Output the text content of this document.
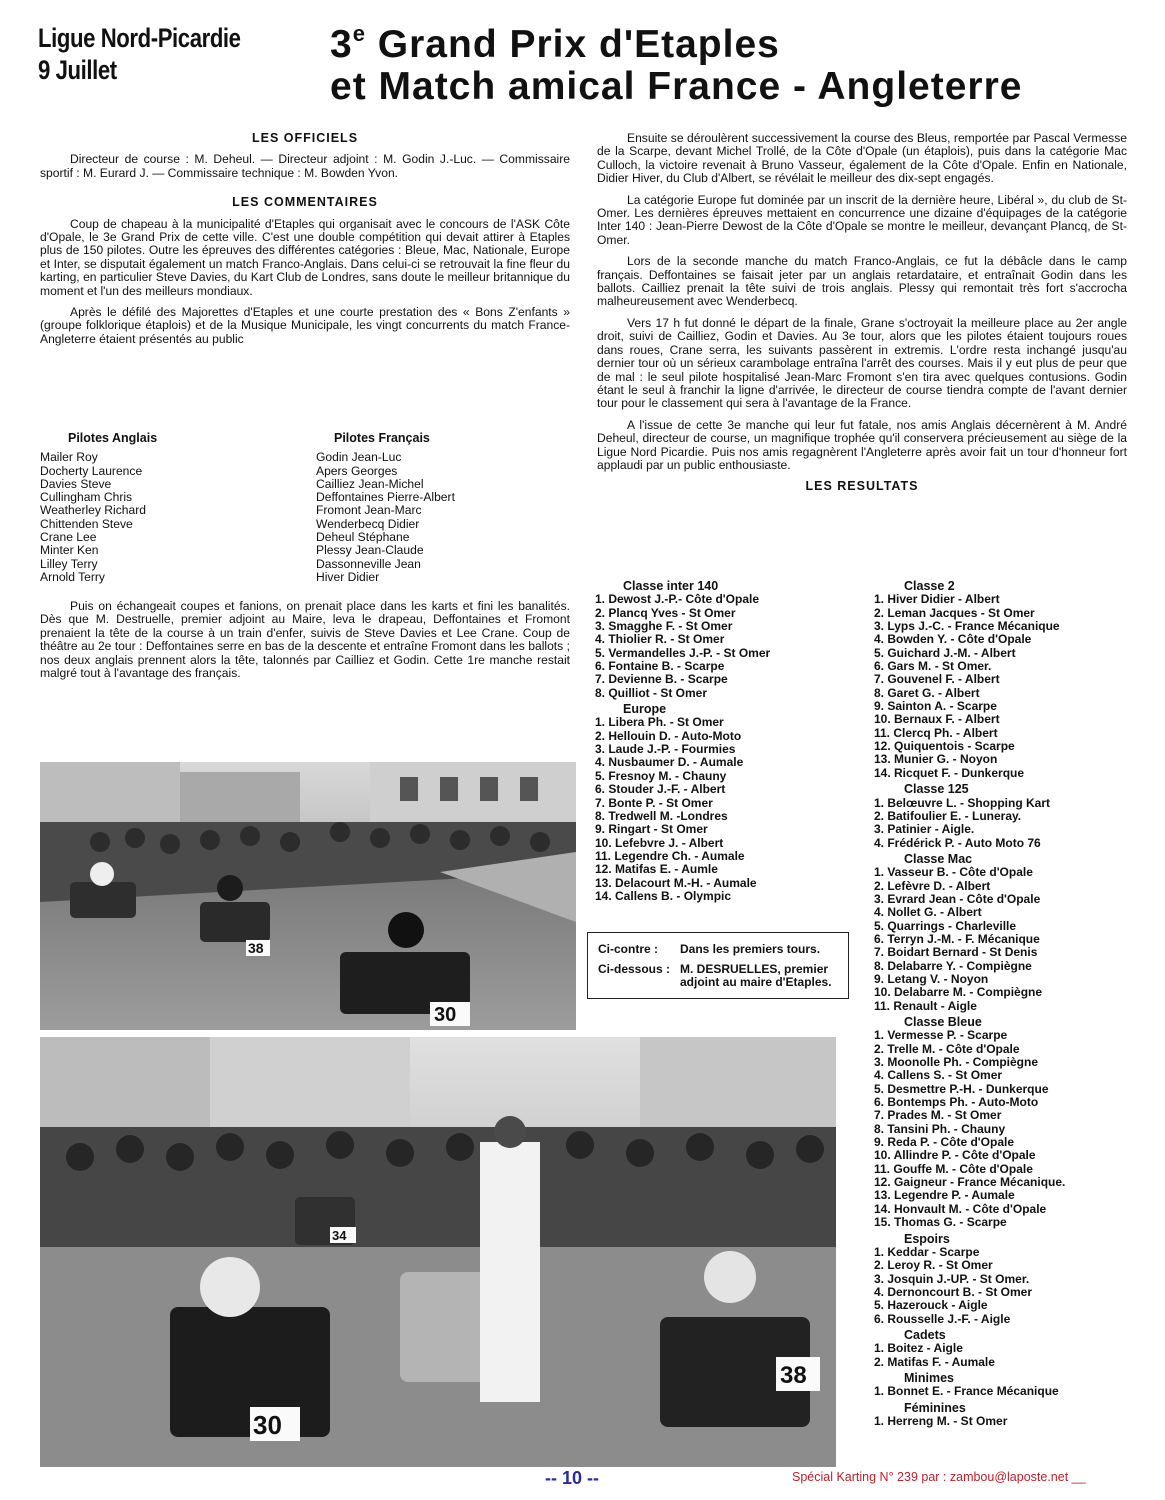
Ligue Nord-Picardie
9 Juillet
3e Grand Prix d'Etaples
et Match amical France - Angleterre
LES OFFICIELS

Directeur de course : M. Deheul. — Directeur adjoint : M. Godin J.-Luc. — Commissaire sportif : M. Eurard J. — Commissaire technique : M. Bowden Yvon.

LES COMMENTAIRES

Coup de chapeau à la municipalité d'Etaples qui organisait avec le concours de l'ASK Côte d'Opale, le 3e Grand Prix de cette ville. C'est une double compétition qui devait attirer à Etaples plus de 150 pilotes. Outre les épreuves des différentes catégories : Bleue, Mac, Nationale, Europe et Inter, se disputait également un match Franco-Anglais. Dans celui-ci se retrouvait la fine fleur du karting, en particulier Steve Davies, du Kart Club de Londres, sans doute le meilleur britannique du moment et l'un des meilleurs mondiaux.

Après le défilé des Majorettes d'Etaples et une courte prestation des « Bons Z'enfants » (groupe folklorique étaplois) et de la Musique Municipale, les vingt concurrents du match France-Angleterre étaient présentés au public

Pilotes Anglais
Mailer Roy
Docherty Laurence
Davies Steve
Cullingham Chris
Weatherley Richard
Chittenden Steve
Crane Lee
Minter Ken
Lilley Terry
Arnold Terry
Pilotes Français
Godin Jean-Luc
Apers Georges
Cailliez Jean-Michel
Deffontaines Pierre-Albert
Fromont Jean-Marc
Wenderbecq Didier
Deheul Stéphane
Plessy Jean-Claude
Dassonneville Jean
Hiver Didier

Puis on échangeait coupes et fanions, on prenait place dans les karts et fini les banalités. Dès que M. Destruelle, premier adjoint au Maire, leva le drapeau, Deffontaines et Fromont prenaient la tête de la course à un train d'enfer, suivis de Steve Davies et Lee Crane. Coup de théâtre au 2e tour : Deffontaines serre en bas de la descente et entraîne Fromont dans les ballots ; nos deux anglais prennent alors la tête, talonnés par Cailliez et Godin. Cette 1re manche restait malgré tout à l'avantage des français.

Ensuite se déroulèrent successivement la course des Bleus, remportée par Pascal Vermesse de la Scarpe, devant Michel Trollé, de la Côte d'Opale (un étaplois), puis dans la catégorie Mac Culloch, la victoire revenait à Bruno Vasseur, également de la Côte d'Opale. Enfin en Nationale, Didier Hiver, du Club d'Albert, se révélait le meilleur des dix-sept engagés.

La catégorie Europe fut dominée par un inscrit de la dernière heure, Libéral », du club de St-Omer. Les dernières épreuves mettaient en concurrence une dizaine d'équipages de la catégorie Inter 140 : Jean-Pierre Dewost de la Côte d'Opale se montre le meilleur, devançant Plancq, de St-Omer.

Lors de la seconde manche du match Franco-Anglais, ce fut la débâcle dans le camp français. Deffontaines se faisait jeter par un anglais retardataire, et entraînait Godin dans les ballots. Cailliez prenait la tête suivi de trois anglais. Plessy qui remontait très fort s'accrocha malheureusement avec Wenderbecq.

Vers 17 h fut donné le départ de la finale, Grane s'octroyait la meilleure place au 2er angle droit, suivi de Cailliez, Godin et Davies. Au 3e tour, alors que les pilotes étaient toujours roues dans roues, Crane serra, les suivants passèrent in extremis. L'ordre resta inchangé jusqu'au dernier tour où un sérieux carambolage entraîna l'arrêt des courses. Mais il y eut plus de peur que de mal : le seul pilote hospitalisé Jean-Marc Fromont s'en tira avec quelques contusions. Godin étant le seul à franchir la ligne d'arrivée, le directeur de course tiendra compte de l'avant dernier tour pour le classement qui sera à l'avantage de la France.

A l'issue de cette 3e manche qui leur fut fatale, nos amis Anglais décernèrent à M. André Deheul, directeur de course, un magnifique trophée qu'il conservera précieusement au siège de la Ligue Nord Picardie. Puis nos amis regagnèrent l'Angleterre après avoir fait un tour d'honneur fort applaudi par un public enthousiaste.

LES RESULTATS
Classe inter 140
1. Dewost J.-P.- Côte d'Opale
2. Plancq Yves - St Omer
3. Smagghe F. - St Omer
4. Thiolier R. - St Omer
5. Vermandelles J.-P. - St Omer
6. Fontaine B. - Scarpe
7. Devienne B. - Scarpe
8. Quilliot - St Omer
Europe
1. Libera Ph. - St Omer
2. Hellouin D. - Auto-Moto
3. Laude J.-P. - Fourmies
4. Nusbaumer D. - Aumale
5. Fresnoy M. - Chauny
6. Stouder J.-F. - Albert
7. Bonte P. - St Omer
8. Tredwell M. -Londres
9. Ringart - St Omer
10. Lefebvre J. - Albert
11. Legendre Ch. - Aumale
12. Matifas E. - Aumle
13. Delacourt M.-H. - Aumale
14. Callens B. - Olympic
Classe 2
1. Hiver Didier - Albert
2. Leman Jacques - St Omer
3. Lyps J.-C. - France Mécanique
4. Bowden Y. - Côte d'Opale
5. Guichard J.-M. - Albert
6. Gars M. - St Omer.
7. Gouvenel F. - Albert
8. Garet G. - Albert
9. Sainton A. - Scarpe
10. Bernaux F. - Albert
11. Clercq Ph. - Albert
12. Quiquentois - Scarpe
13. Munier G. - Noyon
14. Ricquet F. - Dunkerque
Classe 125
1. Belœuvre L. - Shopping Kart
2. Batifoulier E. - Luneray.
3. Patinier - Aigle.
4. Frédérick P. - Auto Moto 76
Classe Mac
1. Vasseur B. - Côte d'Opale
2. Lefèvre D. - Albert
3. Evrard Jean - Côte d'Opale
4. Nollet G. - Albert
5. Quarrings - Charleville
6. Terryn J.-M. - F. Mécanique
7. Boidart Bernard - St Denis
8. Delabarre Y. - Compiègne
9. Letang V. - Noyon
10. Delabarre M. - Compiègne
11. Renault - Aigle
Classe Bleue
1. Vermesse P. - Scarpe
2. Trelle M. - Côte d'Opale
3. Moonolle Ph. - Compiègne
4. Callens S. - St Omer
5. Desmettre P.-H. - Dunkerque
6. Bontemps Ph. - Auto-Moto
7. Prades M. - St Omer
8. Tansini Ph. - Chauny
9. Reda P. - Côte d'Opale
10. Allindre P. - Côte d'Opale
11. Gouffe M. - Côte d'Opale
12. Gaigneur - France Mécanique.
13. Legendre P. - Aumale
14. Honvault M. - Côte d'Opale
15. Thomas G. - Scarpe
Espoirs
1. Keddar - Scarpe
2. Leroy R. - St Omer
3. Josquin J.-UP. - St Omer.
4. Dernoncourt B. - St Omer
5. Hazerouck - Aigle
6. Rousselle J.-F. - Aigle
Cadets
1. Boitez - Aigle
2. Matifas F. - Aumale
Minimes
1. Bonnet E. - France Mécanique
Féminines
1. Herreng M. - St Omer
Ci-contre :	Dans les premiers tours.
Ci-dessous : M. DESRUELLES, premier adjoint au maire d'Etaples.
38
30
34
30
38
-- 10 --	Spécial Karting N° 239 par : zambou@laposte.net __
